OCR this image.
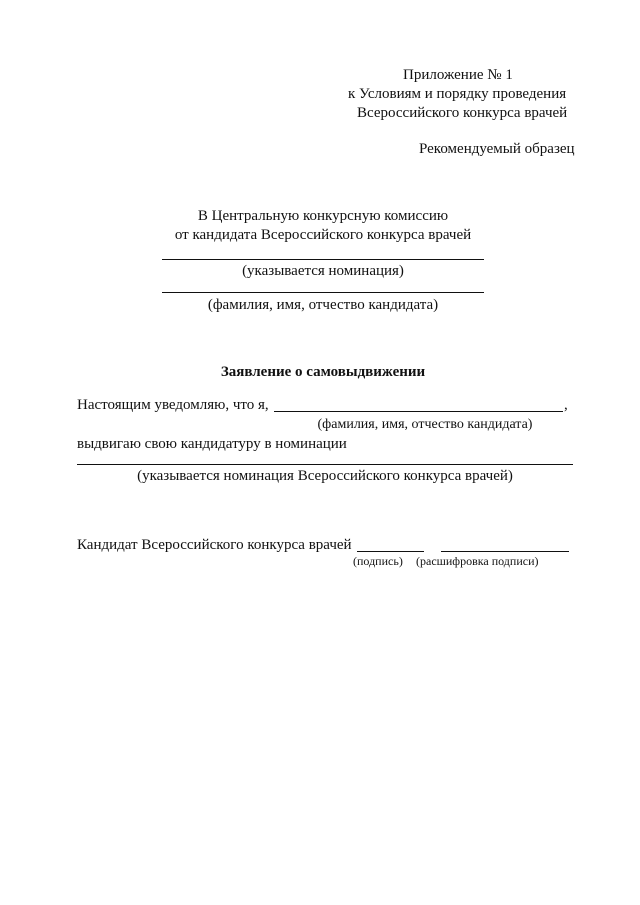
Приложение № 1
к Условиям и порядку проведения
Всероссийского конкурса врачей
Рекомендуемый образец
В Центральную конкурсную комиссию
от кандидата Всероссийского конкурса врачей
(указывается номинация)
(фамилия, имя, отчество кандидата)
Заявление о самовыдвижении
Настоящим уведомляю, что я,	,
(фамилия, имя, отчество кандидата)
выдвигаю свою кандидатуру в номинации
(указывается номинация Всероссийского конкурса врачей)
Кандидат Всероссийского конкурса врачей
(подпись) (расшифровка подписи)
